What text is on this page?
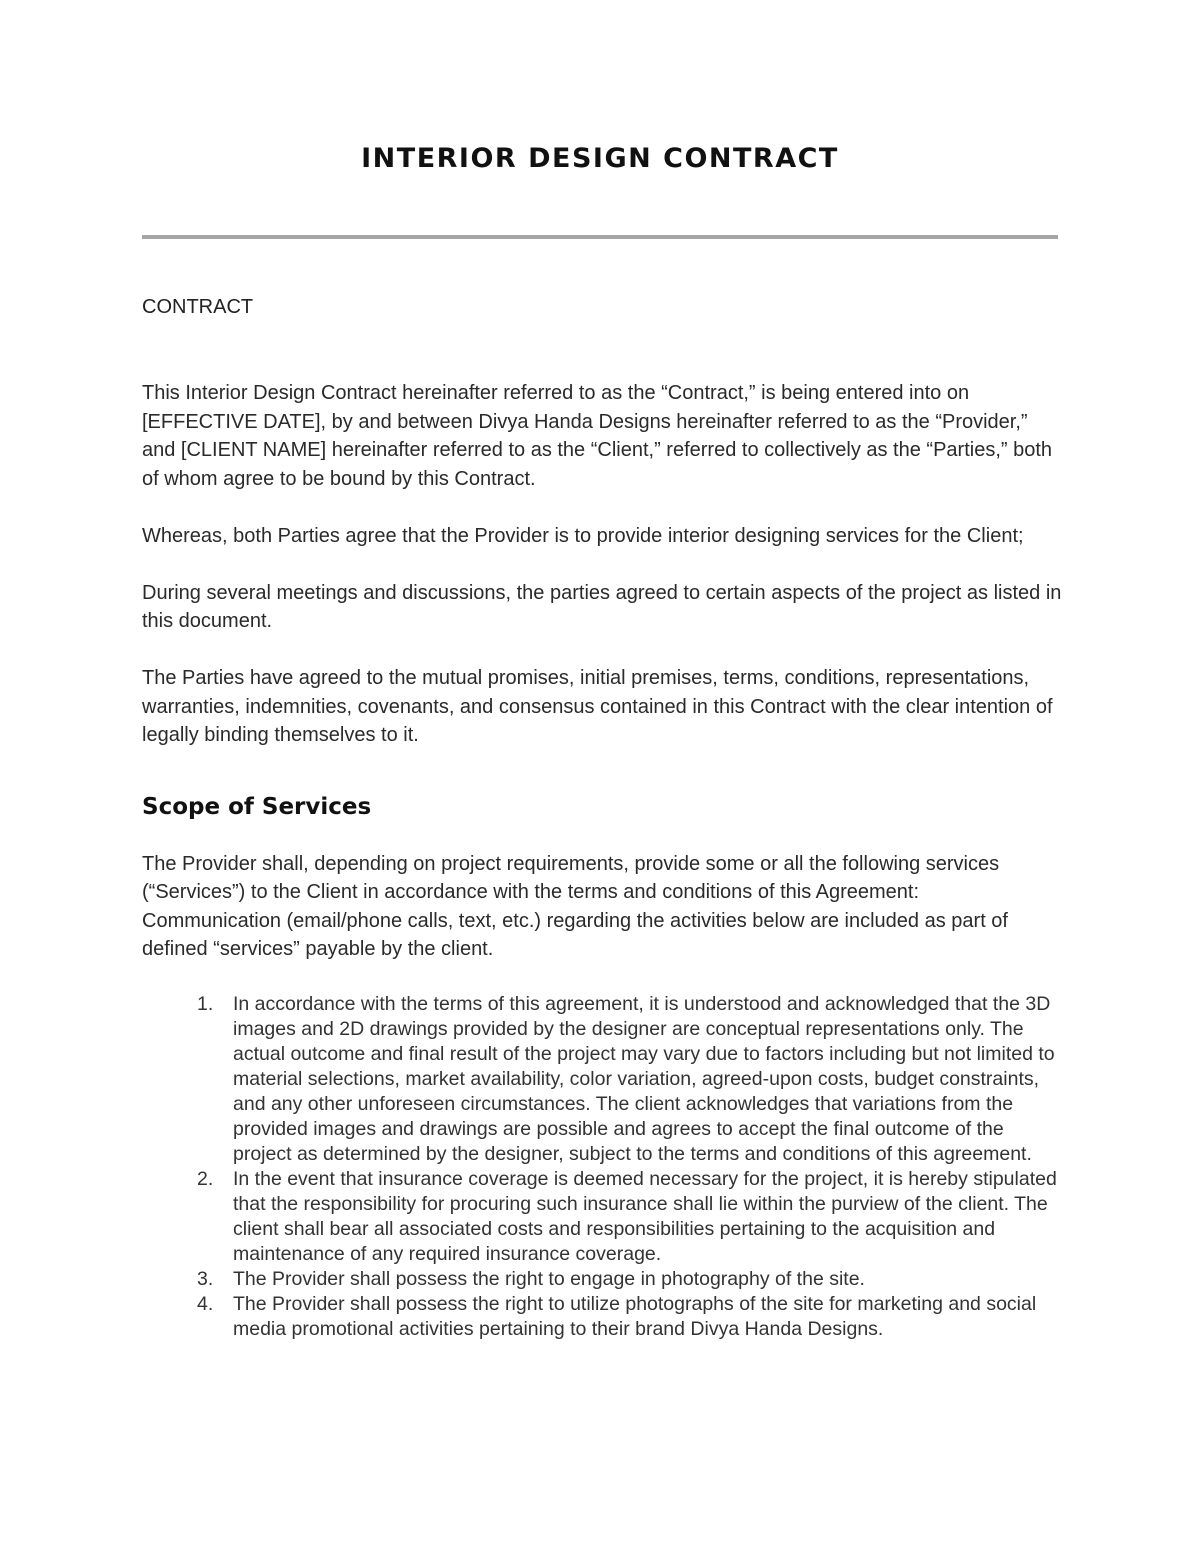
INTERIOR DESIGN CONTRACT
CONTRACT

This Interior Design Contract hereinafter referred to as the “Contract,” is being entered into on [EFFECTIVE DATE], by and between Divya Handa Designs hereinafter referred to as the “Provider,” and [CLIENT NAME] hereinafter referred to as the “Client,” referred to collectively as the “Parties,” both of whom agree to be bound by this Contract.

Whereas, both Parties agree that the Provider is to provide interior designing services for the Client;

During several meetings and discussions, the parties agreed to certain aspects of the project as listed in this document.

The Parties have agreed to the mutual promises, initial premises, terms, conditions, representations, warranties, indemnities, covenants, and consensus contained in this Contract with the clear intention of legally binding themselves to it.

Scope of Services

The Provider shall, depending on project requirements, provide some or all the following services (“Services”) to the Client in accordance with the terms and conditions of this Agreement: Communication (email/phone calls, text, etc.) regarding the activities below are included as part of defined “services” payable by the client.

1.	In accordance with the terms of this agreement, it is understood and acknowledged that the 3D images and 2D drawings provided by the designer are conceptual representations only. The actual outcome and final result of the project may vary due to factors including but not limited to material selections, market availability, color variation, agreed-upon costs, budget constraints, and any other unforeseen circumstances. The client acknowledges that variations from the provided images and drawings are possible and agrees to accept the final outcome of the project as determined by the designer, subject to the terms and conditions of this agreement.
2.	In the event that insurance coverage is deemed necessary for the project, it is hereby stipulated that the responsibility for procuring such insurance shall lie within the purview of the client. The client shall bear all associated costs and responsibilities pertaining to the acquisition and maintenance of any required insurance coverage.
3.	The Provider shall possess the right to engage in photography of the site.
4.	The Provider shall possess the right to utilize photographs of the site for marketing and social media promotional activities pertaining to their brand Divya Handa Designs.
